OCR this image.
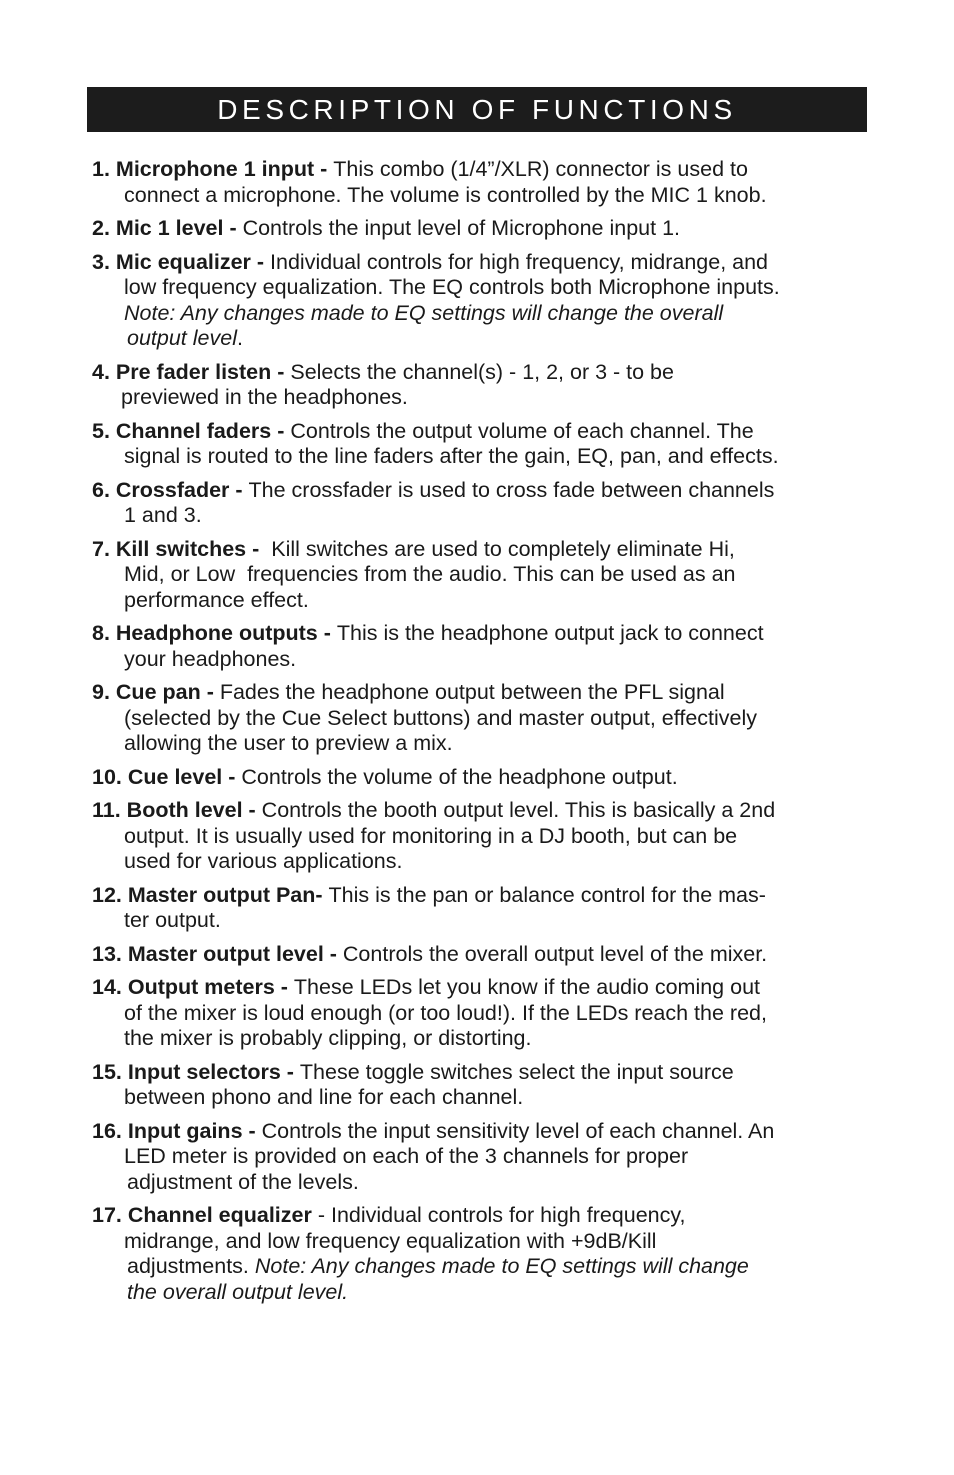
DESCRIPTION OF FUNCTIONS

1. Microphone 1 input - This combo (1/4”/XLR) connector is used to

connect a microphone. The volume is controlled by the MIC 1 knob.

2. Mic 1 level - Controls the input level of Microphone input 1.

3. Mic equalizer - Individual controls for high frequency, midrange, and

low frequency equalization. The EQ controls both Microphone inputs.

Note: Any changes made to EQ settings will change the overall

output level.

4. Pre fader listen - Selects the channel(s) - 1, 2, or 3 - to be

previewed in the headphones.

5. Channel faders - Controls the output volume of each channel. The

signal is routed to the line faders after the gain, EQ, pan, and effects.

6. Crossfader - The crossfader is used to cross fade between channels

1 and 3.

7. Kill switches -  Kill switches are used to completely eliminate Hi,

Mid, or Low  frequencies from the audio. This can be used as an

performance effect.

8. Headphone outputs - This is the headphone output jack to connect

your headphones.

9. Cue pan - Fades the headphone output between the PFL signal

(selected by the Cue Select buttons) and master output, effectively

allowing the user to preview a mix.

10. Cue level - Controls the volume of the headphone output.

11. Booth level - Controls the booth output level. This is basically a 2nd

output. It is usually used for monitoring in a DJ booth, but can be

used for various applications.

12. Master output Pan- This is the pan or balance control for the mas-

ter output.

13. Master output level - Controls the overall output level of the mixer.

14. Output meters - These LEDs let you know if the audio coming out

of the mixer is loud enough (or too loud!). If the LEDs reach the red,

the mixer is probably clipping, or distorting.

15. Input selectors - These toggle switches select the input source

between phono and line for each channel.

16. Input gains - Controls the input sensitivity level of each channel. An

LED meter is provided on each of the 3 channels for proper

adjustment of the levels.

17. Channel equalizer - Individual controls for high frequency,

midrange, and low frequency equalization with +9dB/Kill

adjustments. Note: Any changes made to EQ settings will change

the overall output level.
